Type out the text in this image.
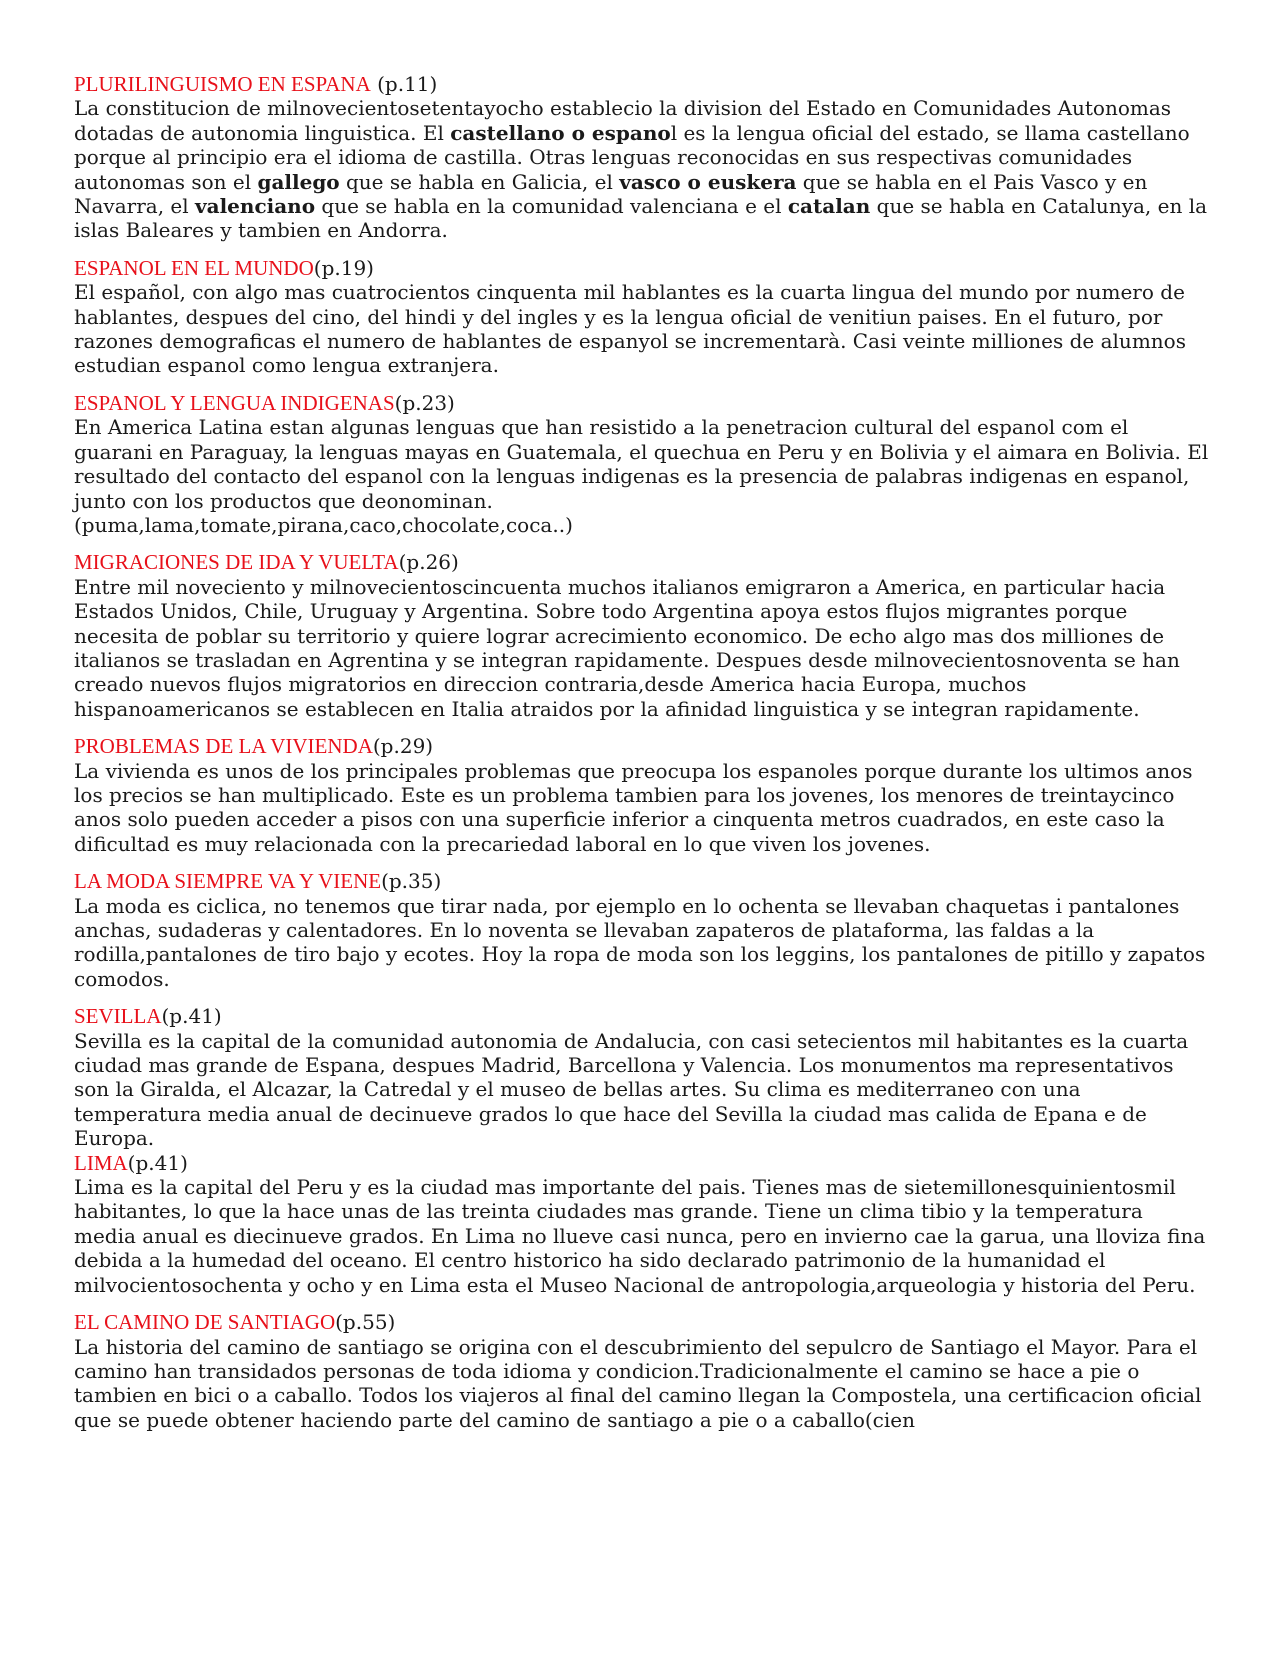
PLURILINGUISMO EN ESPANA (p.11)
La constitucion de milnovecientosetentayocho establecio la division del Estado en Comunidades Autonomas dotadas de autonomia linguistica. El castellano o espanol es la lengua oficial del estado, se llama castellano porque al principio era el idioma de castilla. Otras lenguas reconocidas en sus respectivas comunidades autonomas son el gallego que se habla en Galicia, el vasco o euskera que se habla en el Pais Vasco y en Navarra, el valenciano que se habla en la comunidad valenciana e el catalan que se habla en Catalunya, en la islas Baleares y tambien en Andorra.
ESPANOL EN EL MUNDO(p.19)
El español, con algo mas cuatrocientos cinquenta mil hablantes es la cuarta lingua del mundo por numero de hablantes, despues del cino, del hindi y del ingles y es la lengua oficial de venitiun paises. En el futuro, por razones demograficas el numero de hablantes de espanyol se incrementarà. Casi veinte milliones de alumnos estudian espanol como lengua extranjera.
ESPANOL Y LENGUA INDIGENAS(p.23)
En America Latina estan algunas lenguas que han resistido a la penetracion cultural del espanol com el guarani en Paraguay, la lenguas mayas en Guatemala, el quechua en Peru y en Bolivia y el aimara en Bolivia. El resultado del contacto del espanol con la lenguas indigenas es la presencia de palabras indigenas en espanol, junto con los productos que deonominan.
(puma,lama,tomate,pirana,caco,chocolate,coca..)
MIGRACIONES DE IDA Y VUELTA(p.26)
Entre mil noveciento y milnovecientoscincuenta muchos italianos emigraron a America, en particular hacia Estados Unidos, Chile, Uruguay y Argentina. Sobre todo Argentina apoya estos flujos migrantes porque necesita de poblar su territorio y quiere lograr acrecimiento economico. De echo algo mas dos milliones de italianos se trasladan en Agrentina y se integran rapidamente. Despues desde milnovecientosnoventa se han creado nuevos flujos migratorios en direccion contraria,desde America hacia Europa, muchos hispanoamericanos se establecen en Italia atraidos por la afinidad linguistica y se integran rapidamente.
PROBLEMAS DE LA VIVIENDA(p.29)
La vivienda es unos de los principales problemas que preocupa los espanoles porque durante los ultimos anos los precios se han multiplicado. Este es un problema tambien para los jovenes, los menores de treintaycinco anos solo pueden acceder a pisos con una superficie inferior a cinquenta metros cuadrados, en este caso la dificultad es muy relacionada con la precariedad laboral en lo que viven los jovenes.
LA MODA SIEMPRE VA Y VIENE(p.35)
La moda es ciclica, no tenemos que tirar nada, por ejemplo en lo ochenta se llevaban chaquetas i pantalones anchas, sudaderas y calentadores. En lo noventa se llevaban zapateros de plataforma, las faldas a la rodilla,pantalones de tiro bajo y ecotes. Hoy la ropa de moda son los leggins, los pantalones de pitillo y zapatos comodos.
SEVILLA(p.41)
Sevilla es la capital de la comunidad autonomia de Andalucia, con casi setecientos mil habitantes es la cuarta ciudad mas grande de Espana, despues Madrid, Barcellona y Valencia. Los monumentos ma representativos son la Giralda, el Alcazar, la Catredal y el museo de bellas artes. Su clima es mediterraneo con una temperatura media anual de decinueve grados lo que hace del Sevilla la ciudad mas calida de Epana e de Europa.
LIMA(p.41)
Lima es la capital del Peru y es la ciudad mas importante del pais. Tienes mas de sietemillonesquinientosmil habitantes, lo que la hace unas de las treinta ciudades mas grande. Tiene un clima tibio y la temperatura media anual es diecinueve grados. En Lima no llueve casi nunca, pero en invierno cae la garua, una lloviza fina debida a la humedad del oceano. El centro historico ha sido declarado patrimonio de la humanidad el milvocientosochenta y ocho y en Lima esta el Museo Nacional de antropologia,arqueologia y historia del Peru.
EL CAMINO DE SANTIAGO(p.55)
La historia del camino de santiago se origina con el descubrimiento del sepulcro de Santiago el Mayor. Para el camino han transidados personas de toda idioma y condicion.Tradicionalmente el camino se hace a pie o tambien en bici o a caballo. Todos los viajeros al final del camino llegan la Compostela, una certificacion oficial que se puede obtener haciendo parte del camino de santiago a pie o a caballo(cien
